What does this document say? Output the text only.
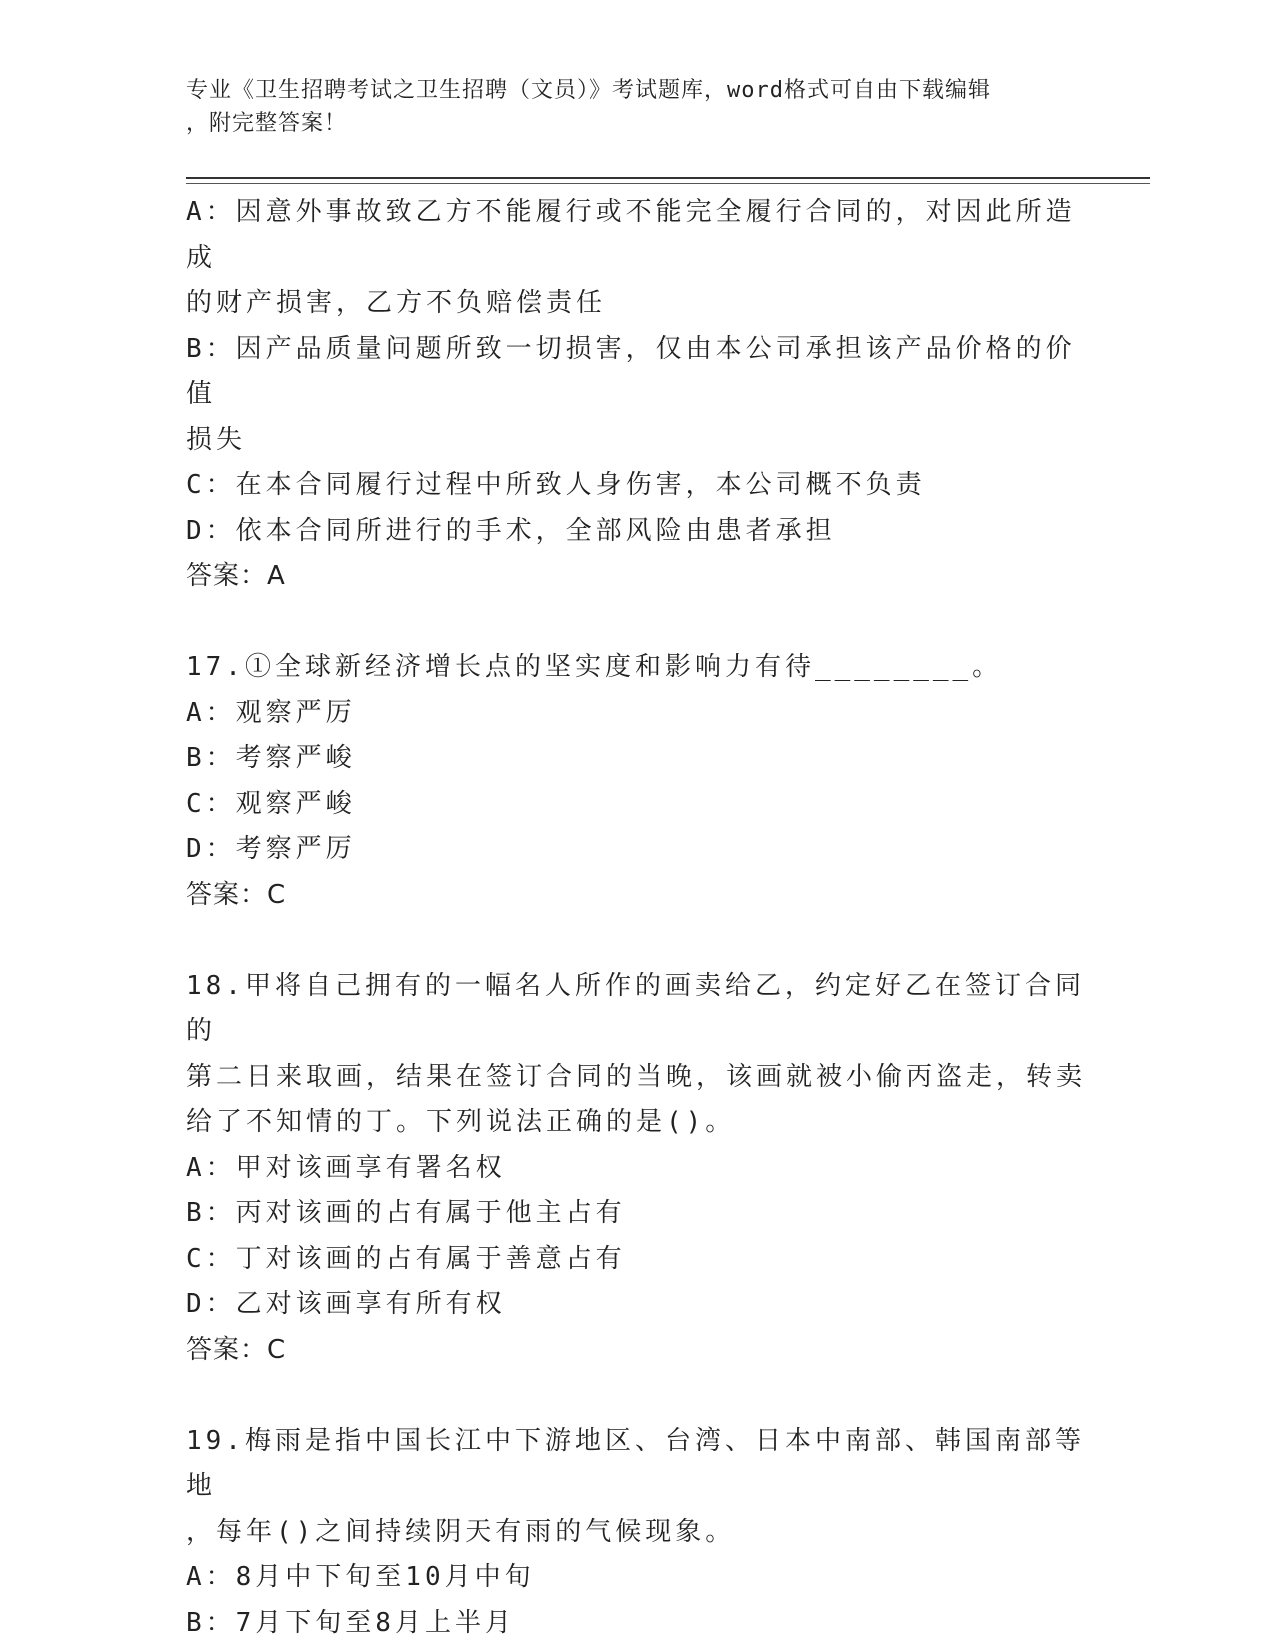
专业《卫生招聘考试之卫生招聘（文员）》考试题库，word格式可自由下载编辑
，附完整答案！
A：因意外事故致乙方不能履行或不能完全履行合同的，对因此所造成
的财产损害，乙方不负赔偿责任
B：因产品质量问题所致一切损害，仅由本公司承担该产品价格的价值
损失
C：在本合同履行过程中所致人身伤害，本公司概不负责
D：依本合同所进行的手术，全部风险由患者承担
答案：A
17.①全球新经济增长点的坚实度和影响力有待________。
A：观察严厉
B：考察严峻
C：观察严峻
D：考察严厉
答案：C
18.甲将自己拥有的一幅名人所作的画卖给乙，约定好乙在签订合同的
第二日来取画，结果在签订合同的当晚，该画就被小偷丙盗走，转卖
给了不知情的丁。下列说法正确的是()。
A：甲对该画享有署名权
B：丙对该画的占有属于他主占有
C：丁对该画的占有属于善意占有
D：乙对该画享有所有权
答案：C
19.梅雨是指中国长江中下游地区、台湾、日本中南部、韩国南部等地
，每年()之间持续阴天有雨的气候现象。
A：8月中下旬至10月中旬
B：7月下旬至8月上半月
